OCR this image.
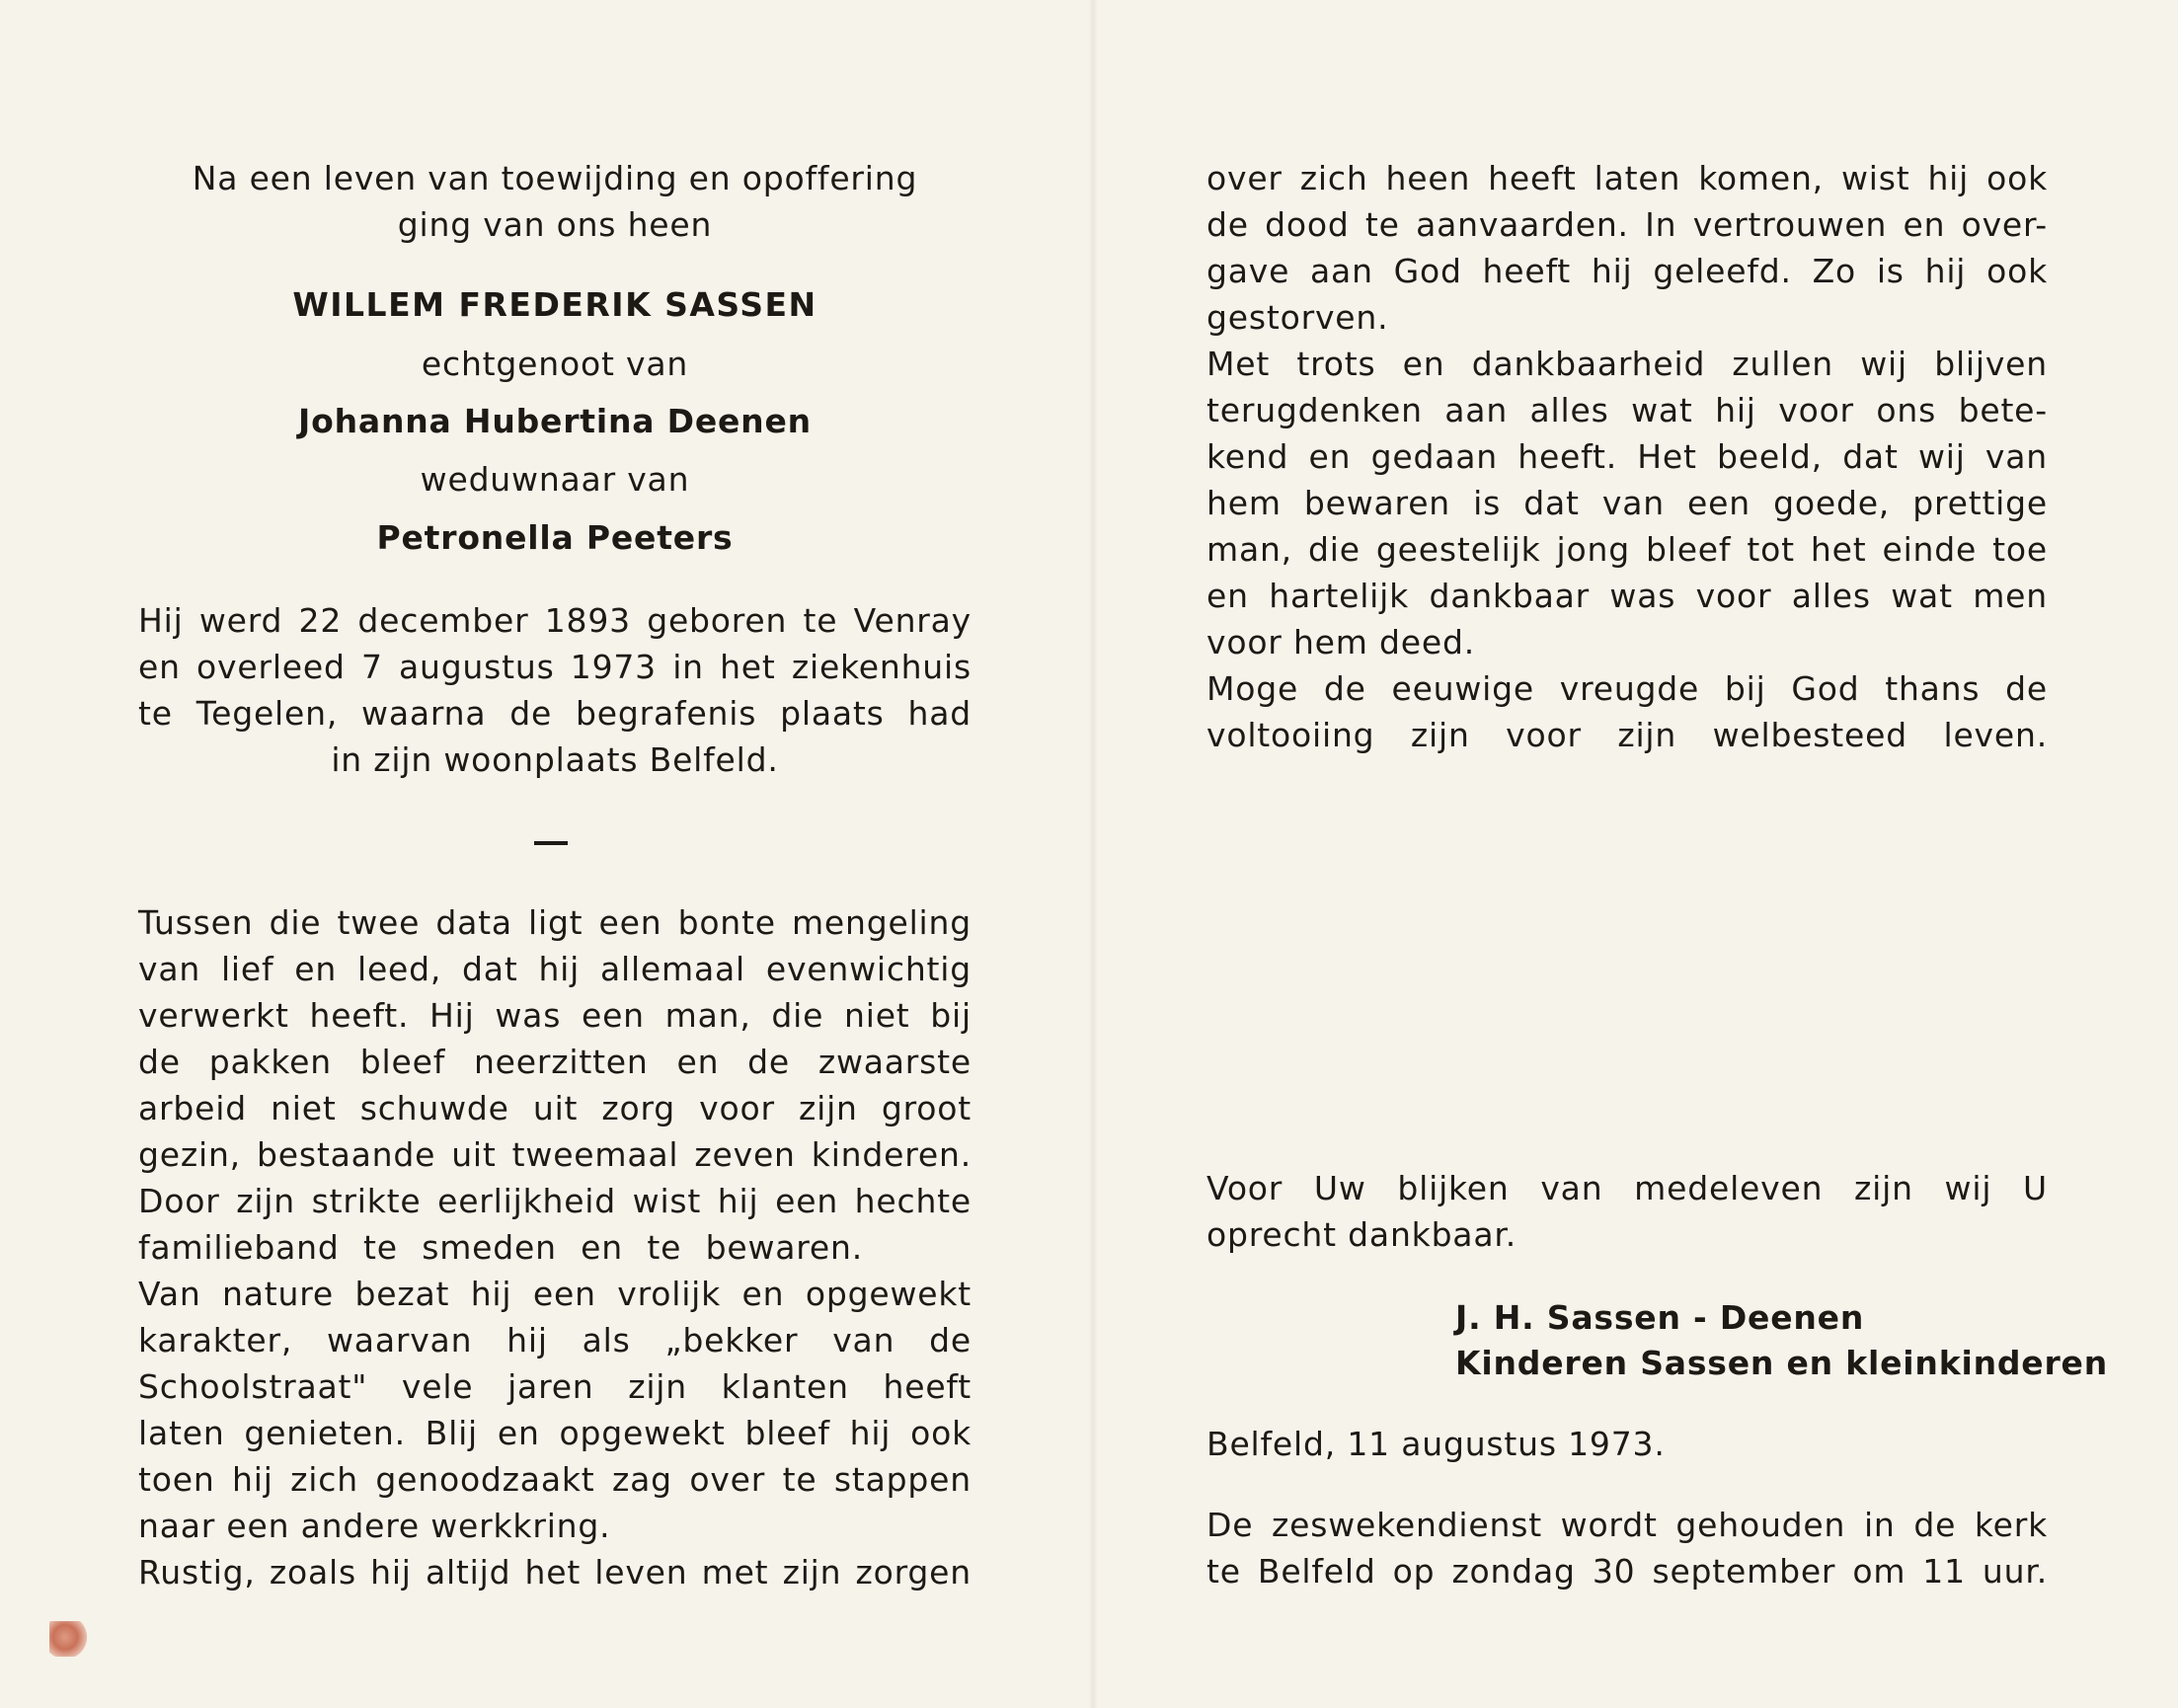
Na een leven van toewijding en opoffering
ging van ons heen
WILLEM FREDERIK SASSEN
echtgenoot van
Johanna Hubertina Deenen
weduwnaar van
Petronella Peeters
Hij werd 22 december 1893 geboren te Venray
en overleed 7 augustus 1973 in het ziekenhuis
te Tegelen, waarna de begrafenis plaats had
in zijn woonplaats Belfeld.
Tussen die twee data ligt een bonte mengeling
van lief en leed, dat hij allemaal evenwichtig
verwerkt heeft. Hij was een man, die niet bij
de pakken bleef neerzitten en de zwaarste
arbeid niet schuwde uit zorg voor zijn groot
gezin, bestaande uit tweemaal zeven kinderen.
Door zijn strikte eerlijkheid wist hij een hechte
familieband te smeden en te bewaren.
Van nature bezat hij een vrolijk en opgewekt
karakter, waarvan hij als „bekker van de
Schoolstraat" vele jaren zijn klanten heeft
laten genieten. Blij en opgewekt bleef hij ook
toen hij zich genoodzaakt zag over te stappen
naar een andere werkkring.
Rustig, zoals hij altijd het leven met zijn zorgen
over zich heen heeft laten komen, wist hij ook
de dood te aanvaarden. In vertrouwen en over-
gave aan God heeft hij geleefd. Zo is hij ook
gestorven.
Met trots en dankbaarheid zullen wij blijven
terugdenken aan alles wat hij voor ons bete-
kend en gedaan heeft. Het beeld, dat wij van
hem bewaren is dat van een goede, prettige
man, die geestelijk jong bleef tot het einde toe
en hartelijk dankbaar was voor alles wat men
voor hem deed.
Moge de eeuwige vreugde bij God thans de
voltooiing zijn voor zijn welbesteed leven.
Voor Uw blijken van medeleven zijn wij U
oprecht dankbaar.
J. H. Sassen - Deenen
Kinderen Sassen en kleinkinderen
Belfeld, 11 augustus 1973.
De zeswekendienst wordt gehouden in de kerk
te Belfeld op zondag 30 september om 11 uur.
